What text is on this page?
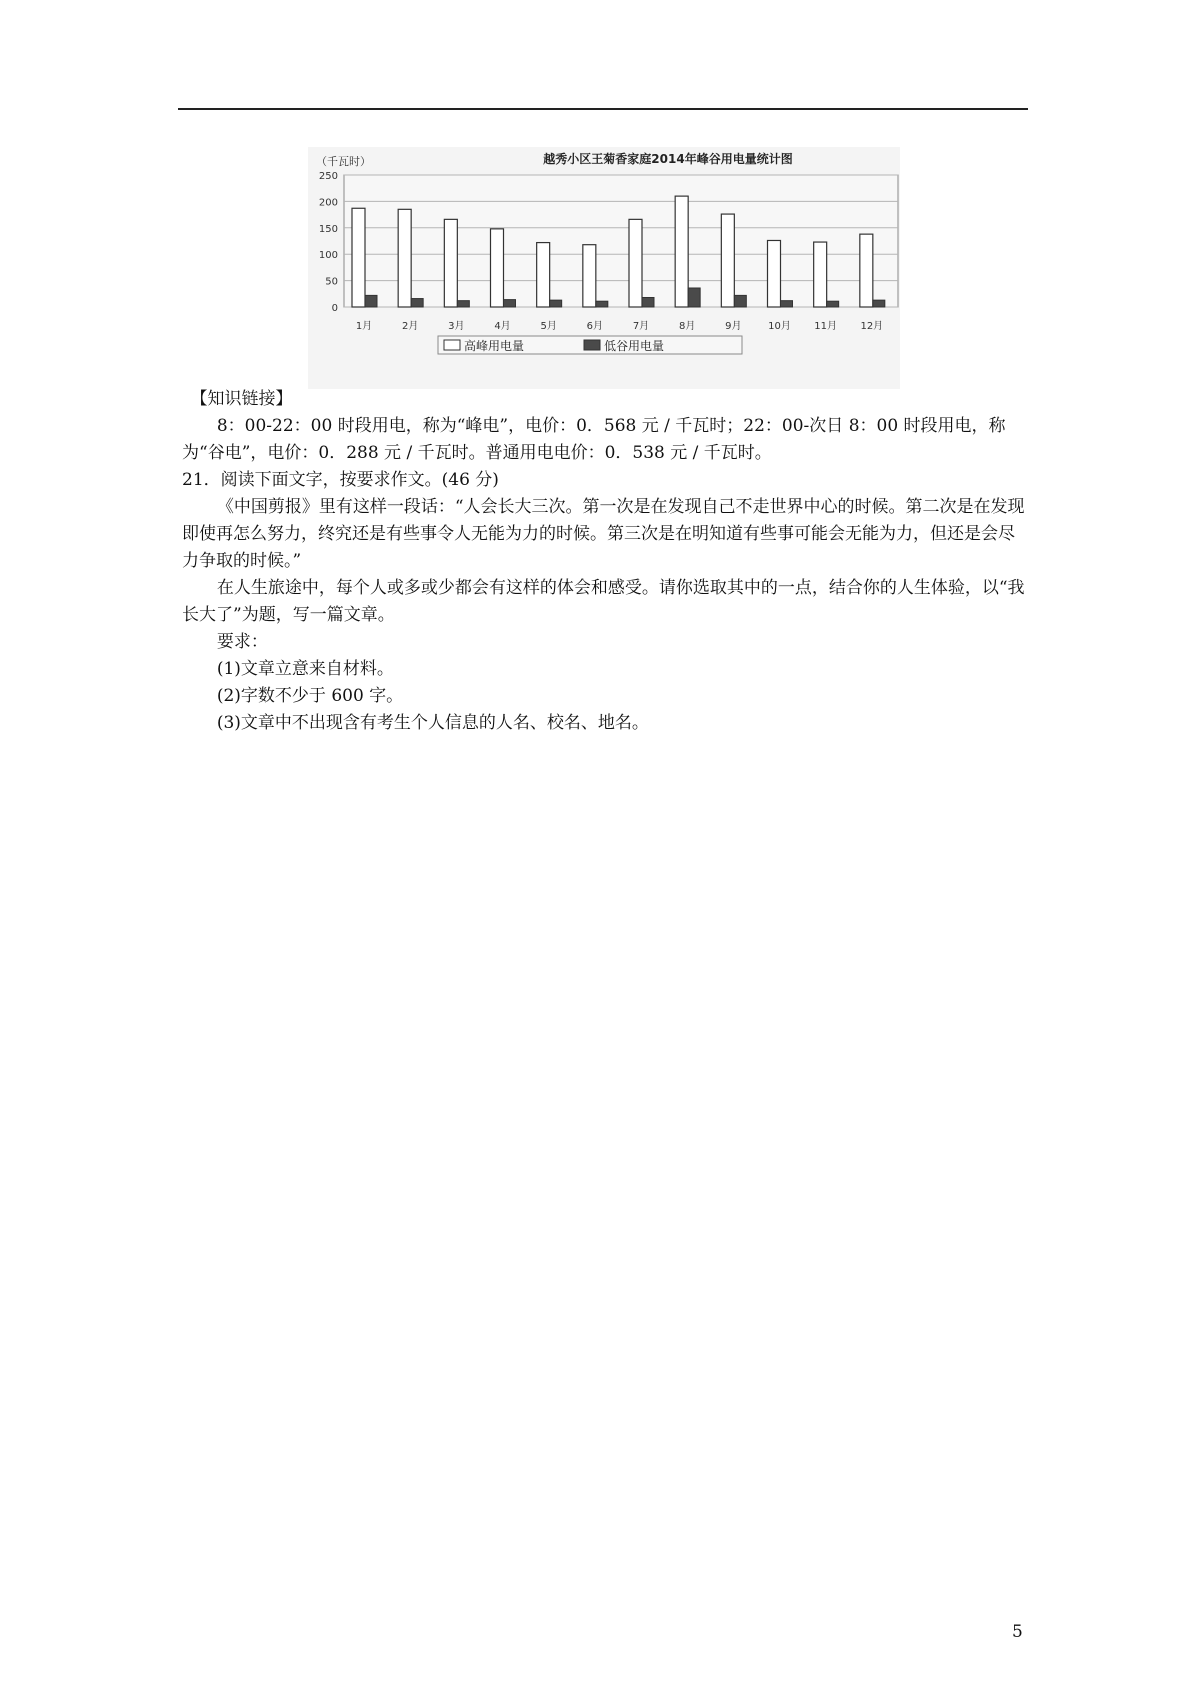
（千瓦时）	越秀小区王菊香家庭2014年峰谷用电量统计图
0
50
100
150
200
250
1月	2月	3月	4月	5月	6月	7月	8月	9月	10月 11月 12月
高峰用电量	低谷用电量

【知识链接】

8：00-22：00 时段用电，称为“峰电”，电价：0．568 元 / 千瓦时；22：00-次日 8：00 时段用电，称为“谷电”，电价：0．288 元 / 千瓦时。普通用电电价：0．538 元 / 千瓦时。

21．阅读下面文字，按要求作文。(46 分)

《中国剪报》里有这样一段话：“人会长大三次。第一次是在发现自己不走世界中心的时候。第二次是在发现即使再怎么努力，终究还是有些事令人无能为力的时候。第三次是在明知道有些事可能会无能为力，但还是会尽力争取的时候。”

在人生旅途中，每个人或多或少都会有这样的体会和感受。请你选取其中的一点，结合你的人生体验，以“我长大了”为题，写一篇文章。

要求：

(1)文章立意来自材料。

(2)字数不少于 600 字。

(3)文章中不出现含有考生个人信息的人名、校名、地名。

5
